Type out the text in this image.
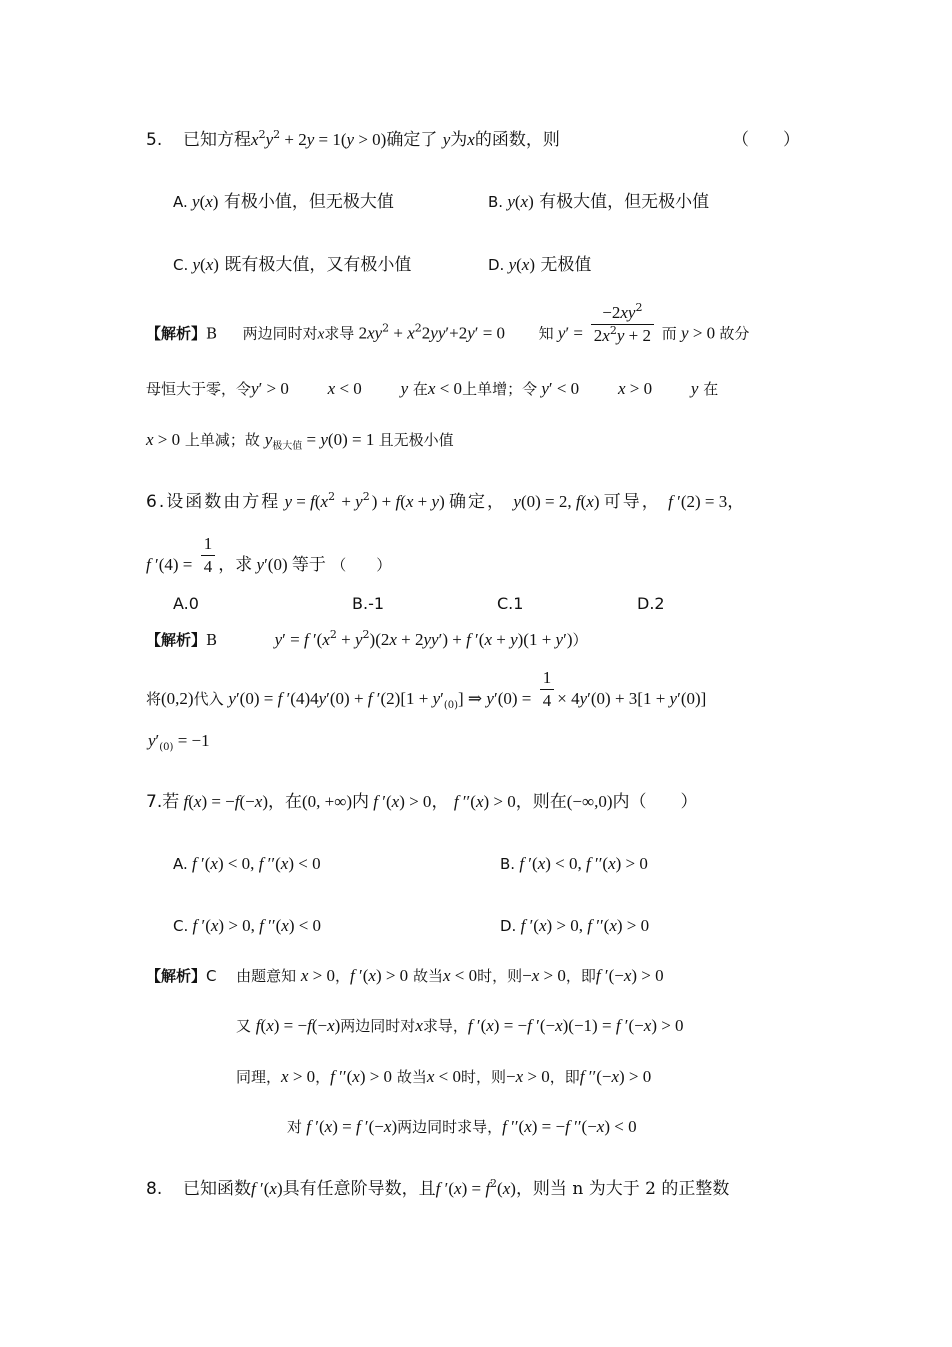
5. 已知方程$x^2y^2 + 2y = 1(y > 0)$确定了 y为x的函数，则	（　　）
A. y(x) 有极小值，但无极大值	B. y(x) 有极大值，但无极小值
C. y(x) 既有极大值，又有极小值	D. y(x) 无极值
【解析】B 两边同时对x求导 $2xy^2 + x^22yy'+2y' = 0$ 知 $y' = \frac{-2xy^2}{2x^2y + 2}$ 而 y > 0 故分
母恒大于零，令y′ > 0 x < 0 y 在x < 0上单增；令 y′ < 0 x > 0 y 在
x > 0 上单减；故 $y_{极大值} = y(0) = 1$ 且无极小值
6.设函数由方程 $y = f(x^2 + y^2) + f(x + y)$ 确定， y(0) = 2, f(x) 可导， f ′(2) = 3，
f $'(4) = \frac{1}{4}$ ，求 y′(0) 等于 （　　）
A.0	B.-1	C.1	D.2
【解析】B	y′ = f $'(x^2 + y^2)(2x + 2yy') + f$ ′(x + y)(1 + y′)）
将(0,2)代入 y′(0) = f ′(4)4y′(0) + f $'(2)[1 + y'_{(0)}]$ ⇒ $y'(0) = \frac{1}{4} \times 4y'(0) + 3[1 + y'(0)]$
$y'_{(0)} = -1$
7.若 f(x) = −f(−x)，在(0, +∞)内 f ′(x) > 0， f ′′(x) > 0，则在(−∞,0)内（　　）
A. f ′(x) < 0, f ′′(x) < 0	B. f ′(x) < 0, f ′′(x) > 0
C. f ′(x) > 0, f ′′(x) < 0	D. f ′(x) > 0, f ′′(x) > 0
【解析】C 由题意知 x > 0，f ′(x) > 0 故当x < 0时，则−x > 0，即f ′(−x) > 0
又 f(x) = −f(−x)两边同时对x求导，f ′(x) = −f ′(−x)(−1) = f ′(−x) > 0
同理，x > 0，f ′′(x) > 0 故当x < 0时，则−x > 0，即f ′′(−x) > 0
对 f ′(x) = f ′(−x)两边同时求导，f ′′(x) = −f ′′(−x) < 0
8. 已知函数f ′(x)具有任意阶导数，且f $'(x) = f^2(x)$，则当 n 为大于 2 的正整数
